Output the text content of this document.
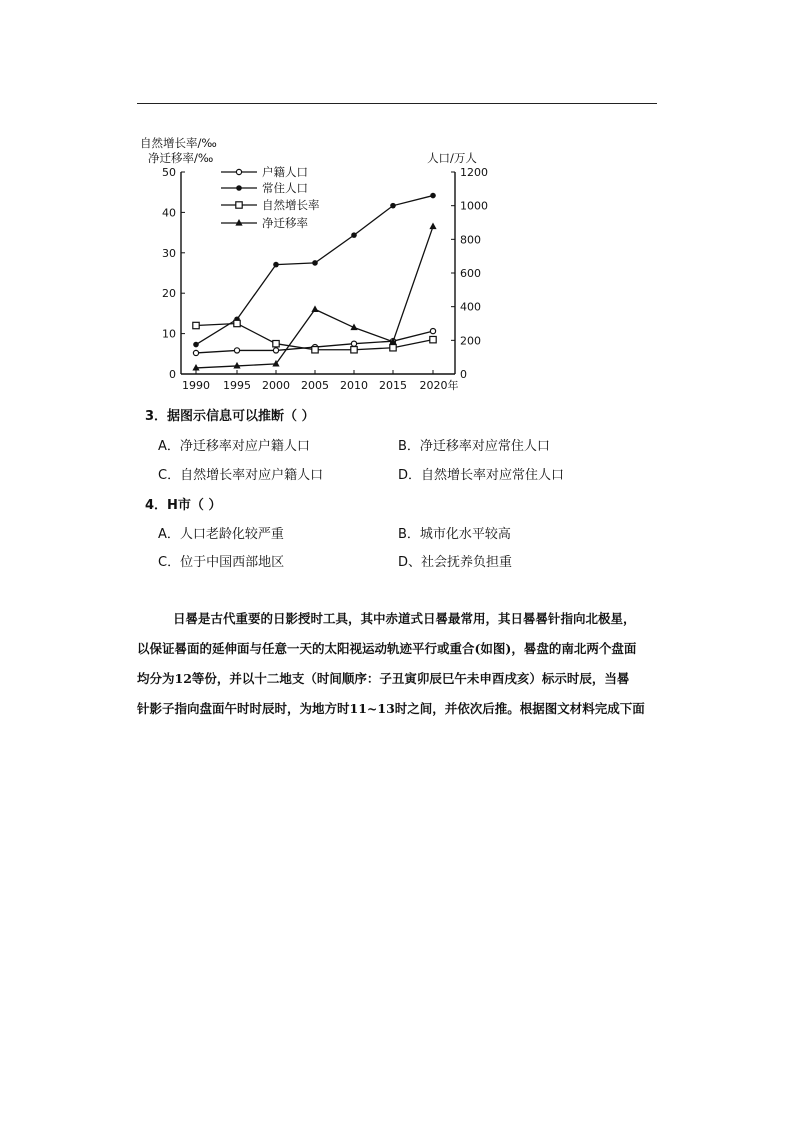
0
10
20
30
40
50
0
200
400
600
800
1000
1200
1990 1995 2000 2005 2010 2015 2020年
自然增长率/‰
净迁移率/‰	人口/万人
户籍人口
常住人口
自然增长率
净迁移率
3．据图示信息可以推断（ ）
A．净迁移率对应户籍人口	B．净迁移率对应常住人口
C．自然增长率对应户籍人口	D．自然增长率对应常住人口
4．H市（ ）
A．人口老龄化较严重	B．城市化水平较高
C．位于中国西部地区	D、社会抚养负担重

日晷是古代重要的日影授时工具，其中赤道式日晷最常用，其日晷晷针指向北极星，

以保证晷面的延伸面与任意一天的太阳视运动轨迹平行或重合(如图)，晷盘的南北两个盘面

均分为12等份，并以十二地支（时间顺序：子丑寅卯辰巳午未申酉戌亥）标示时辰，当晷

针影子指向盘面午时时辰时，为地方时11~13时之间，并依次后推。根据图文材料完成下面
